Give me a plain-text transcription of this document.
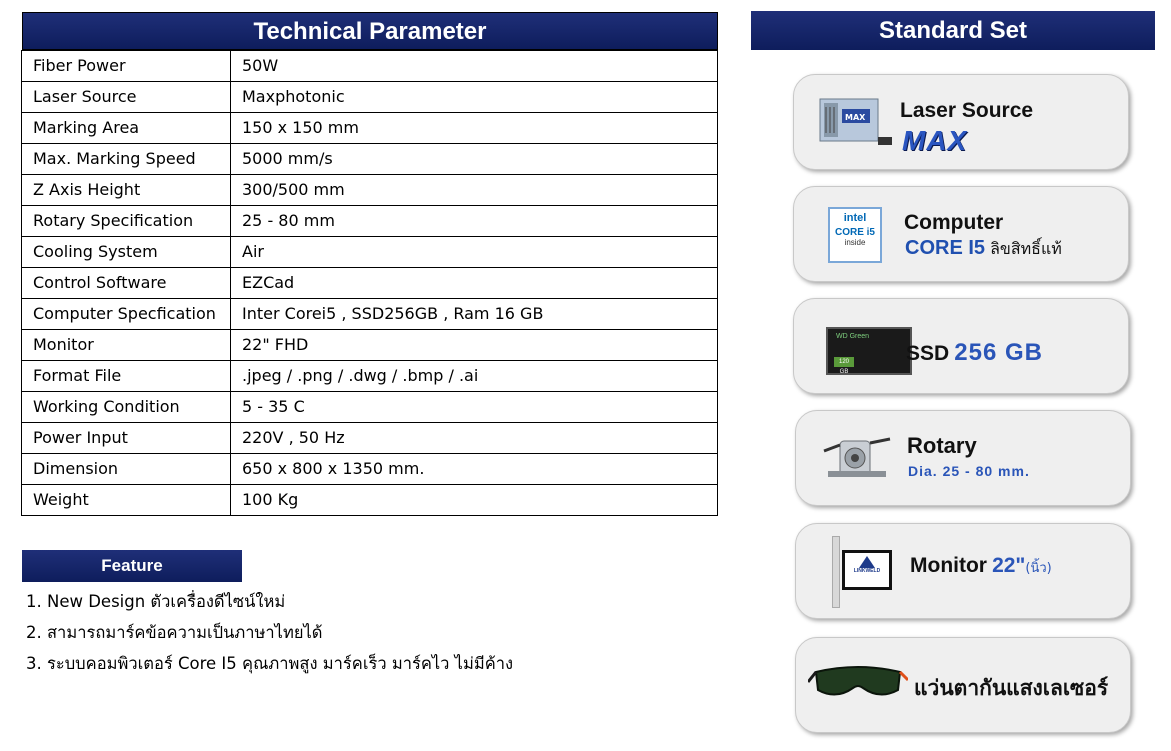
Technical Parameter
Fiber Power	50W
Laser Source	Maxphotonic
Marking Area	150 x 150 mm
Max. Marking Speed	5000 mm/s
Z Axis Height	300/500 mm
Rotary Specification	25 - 80 mm
Cooling System	Air
Control Software	EZCad
Computer Specfication	Inter Corei5 , SSD256GB , Ram 16 GB
Monitor	22" FHD
Format File	.jpeg / .png / .dwg / .bmp / .ai
Working Condition	5 - 35 C
Power Input	220V , 50 Hz
Dimension	650 x 800 x 1350 mm.
Weight	100 Kg
Feature
1. New Design ตัวเครื่องดีไซน์ใหม่
2. สามารถมาร์คข้อความเป็นภาษาไทยได้
3. ระบบคอมพิวเตอร์ Core I5 คุณภาพสูง มาร์คเร็ว มาร์คไว ไม่มีค้าง
Standard Set
MAX Laser Source
MAX
intel
CORE i5
inside
Computer
CORE I5 ลิขสิทธิ์แท้
WD Green
120 GB
SSD 256 GB
Rotary
Dia. 25 - 80 mm.
LINKWELD	Monitor 22"(นิ้ว)
แว่นตากันแสงเลเซอร์
